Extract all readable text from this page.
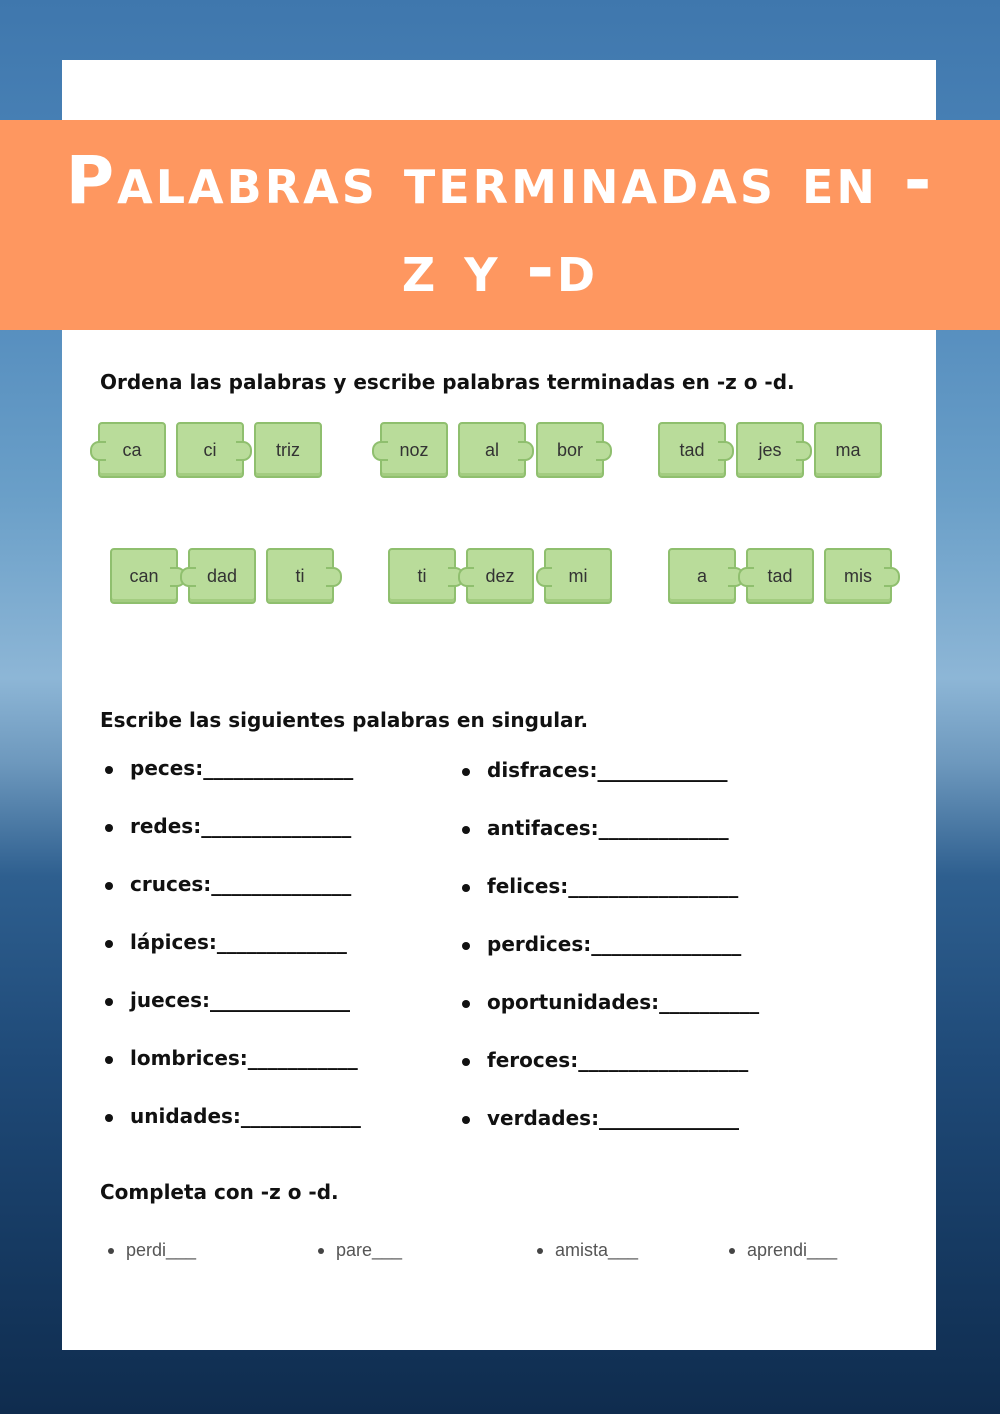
Palabras terminadas en -z y -d

Ordena las palabras y escribe palabras terminadas en -z o -d.

ca	ci	triz	noz	al	bor	tad	jes	ma
can	dad	ti	ti	dez	mi	a	tad	mis

Escribe las siguientes palabras en singular.

peces:_______________
redes:_______________
cruces:______________
lápices:_____________
jueces:______________
lombrices:___________
unidades:____________
disfraces:_____________
antifaces:_____________
felices:_________________
perdices:_______________
oportunidades:__________
feroces:_________________
verdades:______________

Completa con -z o -d.

perdi___	pare___	amista___	aprendi___
